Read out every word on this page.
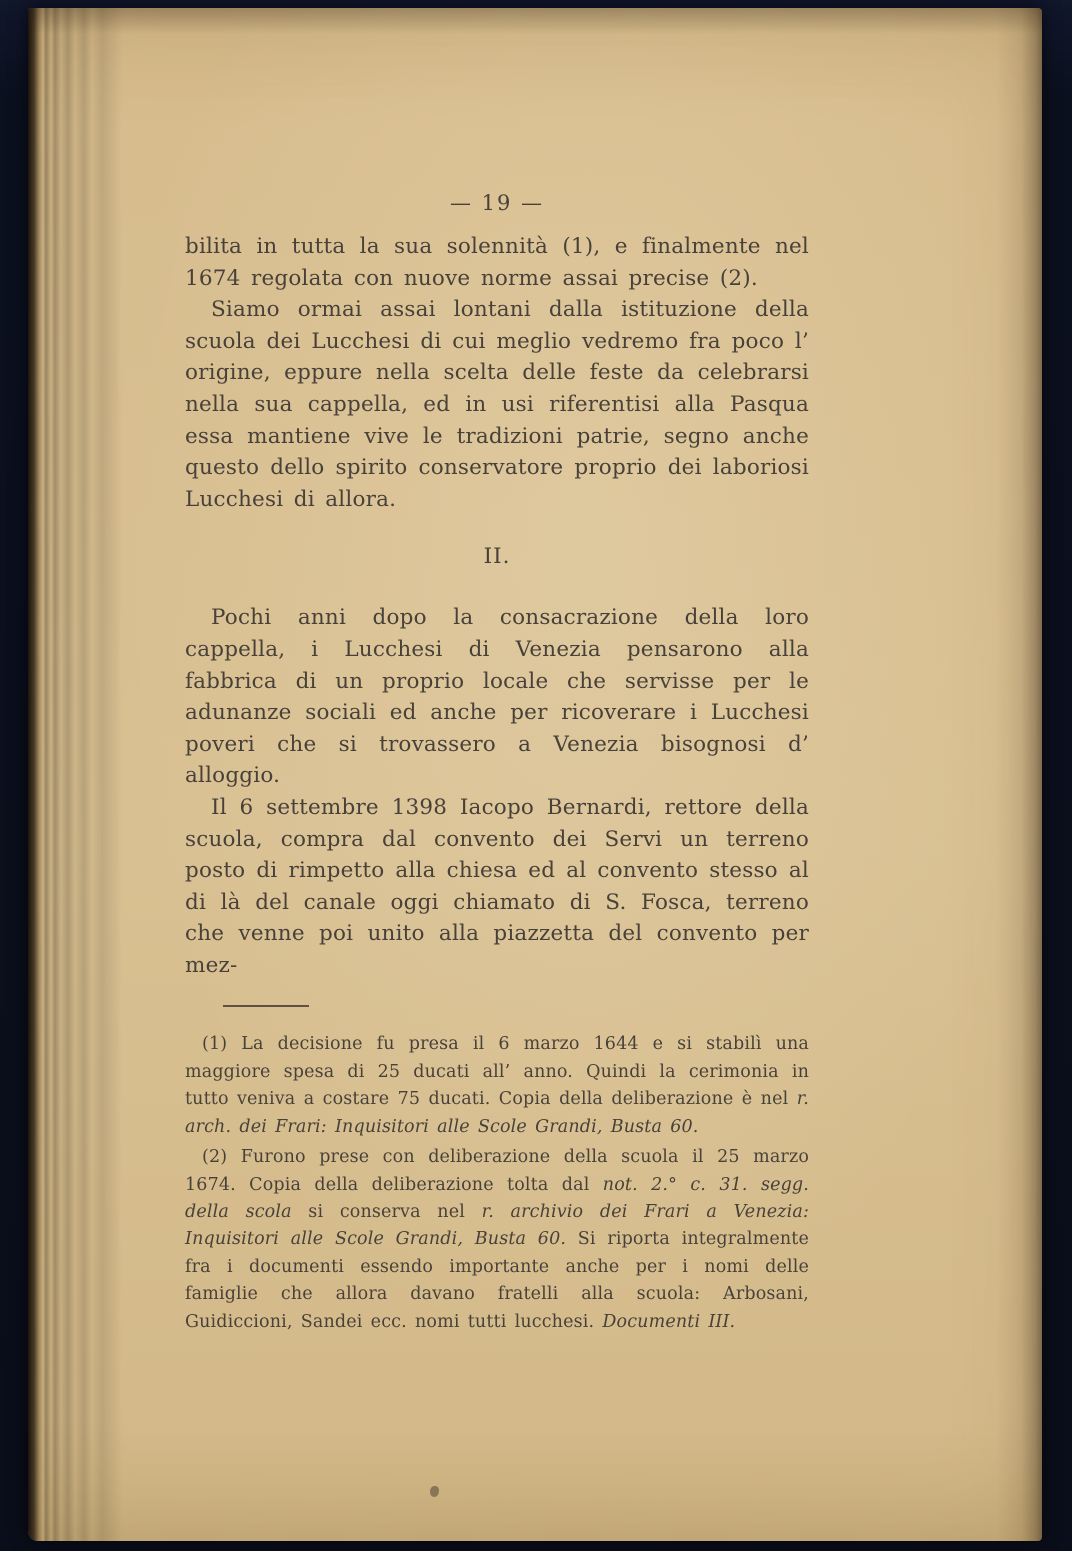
— 19 —

bilita in tutta la sua solennità (1), e finalmente nel 1674 regolata con nuove norme assai precise (2).

Siamo ormai assai lontani dalla istituzione della scuola dei Lucchesi di cui meglio vedremo fra poco l’ origine, eppure nella scelta delle feste da celebrarsi nella sua cappella, ed in usi riferentisi alla Pasqua essa mantiene vive le tradizioni patrie, segno anche questo dello spirito conservatore proprio dei laboriosi Lucchesi di allora.

II.

Pochi anni dopo la consacrazione della loro cappella, i Lucchesi di Venezia pensarono alla fabbrica di un proprio locale che servisse per le adunanze sociali ed anche per ricoverare i Lucchesi poveri che si trovassero a Venezia bisognosi d’ alloggio.

Il 6 settembre 1398 Iacopo Bernardi, rettore della scuola, compra dal convento dei Servi un terreno posto di rimpetto alla chiesa ed al convento stesso al di là del canale oggi chiamato di S. Fosca, terreno che venne poi unito alla piazzetta del convento per mez-

(1) La decisione fu presa il 6 marzo 1644 e si stabilì una maggiore spesa di 25 ducati all’ anno. Quindi la cerimonia in tutto veniva a costare 75 ducati. Copia della deliberazione è nel r. arch. dei Frari: Inquisitori alle Scole Grandi, Busta 60.

(2) Furono prese con deliberazione della scuola il 25 marzo 1674. Copia della deliberazione tolta dal not. 2.° c. 31. segg. della scola si conserva nel r. archivio dei Frari a Venezia: Inquisitori alle Scole Grandi, Busta 60. Si riporta integralmente fra i documenti essendo importante anche per i nomi delle famiglie che allora davano fratelli alla scuola: Arbosani, Guidiccioni, Sandei ecc. nomi tutti lucchesi. Documenti III.
